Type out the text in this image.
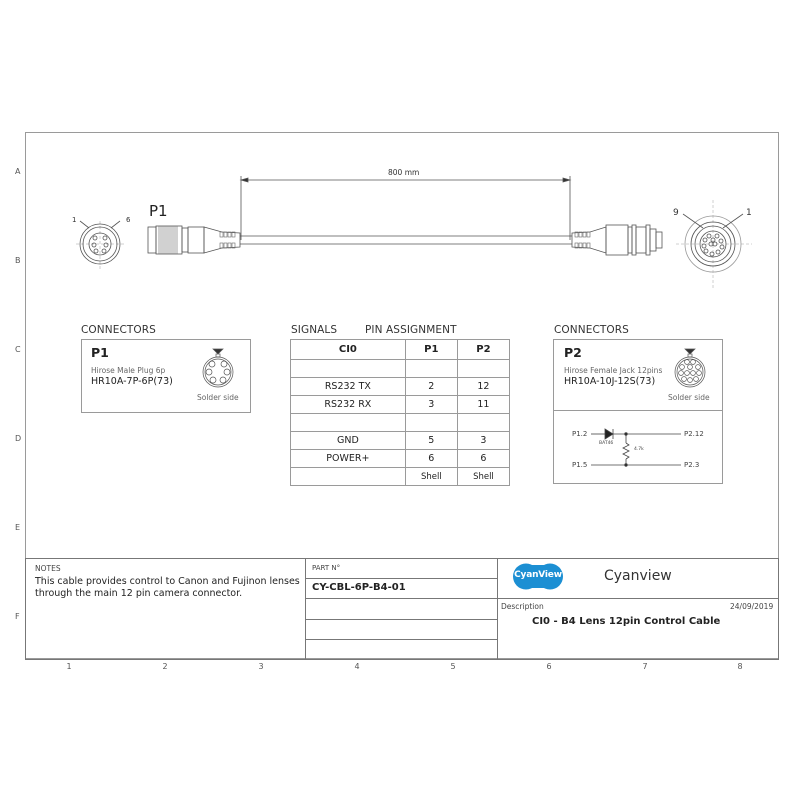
A
B
C
D
E
F
1	2	3	4	5	6	7	8
800 mm
P1
1	6
9	1
CONNECTORS
P1
Hirose Male Plug 6p
HR10A-7P-6P(73)
Solder side
SIGNALS	PIN ASSIGNMENT
CI0	P1	P2

RS232 TX	2	12
RS232 RX	3	11

GND	5	3
POWER+	6	6
	Shell	Shell
CONNECTORS
P2
Hirose Female Jack 12pins
HR10A-10J-12S(73)
Solder side
P1.2
P1.5
P2.12
P2.3
BAT46
4.7k
NOTES
This cable provides control to Canon and Fujinon lenses through the main 12 pin camera connector.
PART N°
CY-CBL-6P-B4-01
CyanView	Cyanview
Description	24/09/2019
CI0 - B4 Lens 12pin Control Cable
